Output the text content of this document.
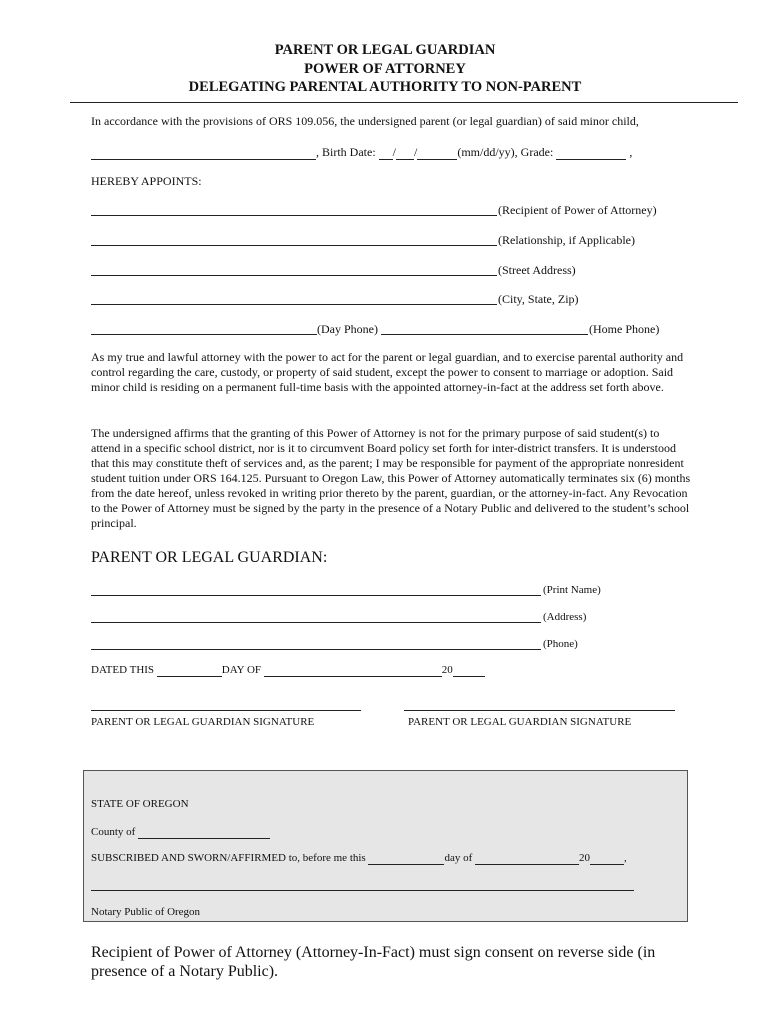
PARENT OR LEGAL GUARDIAN
POWER OF ATTORNEY
DELEGATING PARENTAL AUTHORITY TO NON-PARENT
In accordance with the provisions of ORS 109.056, the undersigned parent (or legal guardian) of said minor child,
, Birth Date: / /	(mm/dd/yy), Grade:	,
HEREBY APPOINTS:
(Recipient of Power of Attorney)
(Relationship, if Applicable)
(Street Address)
(City, State, Zip)
(Day Phone)	(Home Phone)
As my true and lawful attorney with the power to act for the parent or legal guardian, and to exercise parental authority and control regarding the care, custody, or property of said student, except the power to consent to marriage or adoption. Said minor child is residing on a permanent full-time basis with the appointed attorney-in-fact at the address set forth above.
The undersigned affirms that the granting of this Power of Attorney is not for the primary purpose of said student(s) to attend in a specific school district, nor is it to circumvent Board policy set forth for inter-district transfers. It is understood that this may constitute theft of services and, as the parent; I may be responsible for payment of the appropriate nonresident student tuition under ORS 164.125. Pursuant to Oregon Law, this Power of Attorney automatically terminates six (6) months from the date hereof, unless revoked in writing prior thereto by the parent, guardian, or the attorney-in-fact. Any Revocation to the Power of Attorney must be signed by the party in the presence of a Notary Public and delivered to the student’s school principal.
PARENT OR LEGAL GUARDIAN:
(Print Name)
(Address)
(Phone)
DATED THIS	DAY OF	20
PARENT OR LEGAL GUARDIAN SIGNATURE	PARENT OR LEGAL GUARDIAN SIGNATURE
STATE OF OREGON
County of
SUBSCRIBED AND SWORN/AFFIRMED to, before me this	day of	20	,
Notary Public of Oregon
Recipient of Power of Attorney (Attorney-In-Fact) must sign consent on reverse side (in
presence of a Notary Public).
